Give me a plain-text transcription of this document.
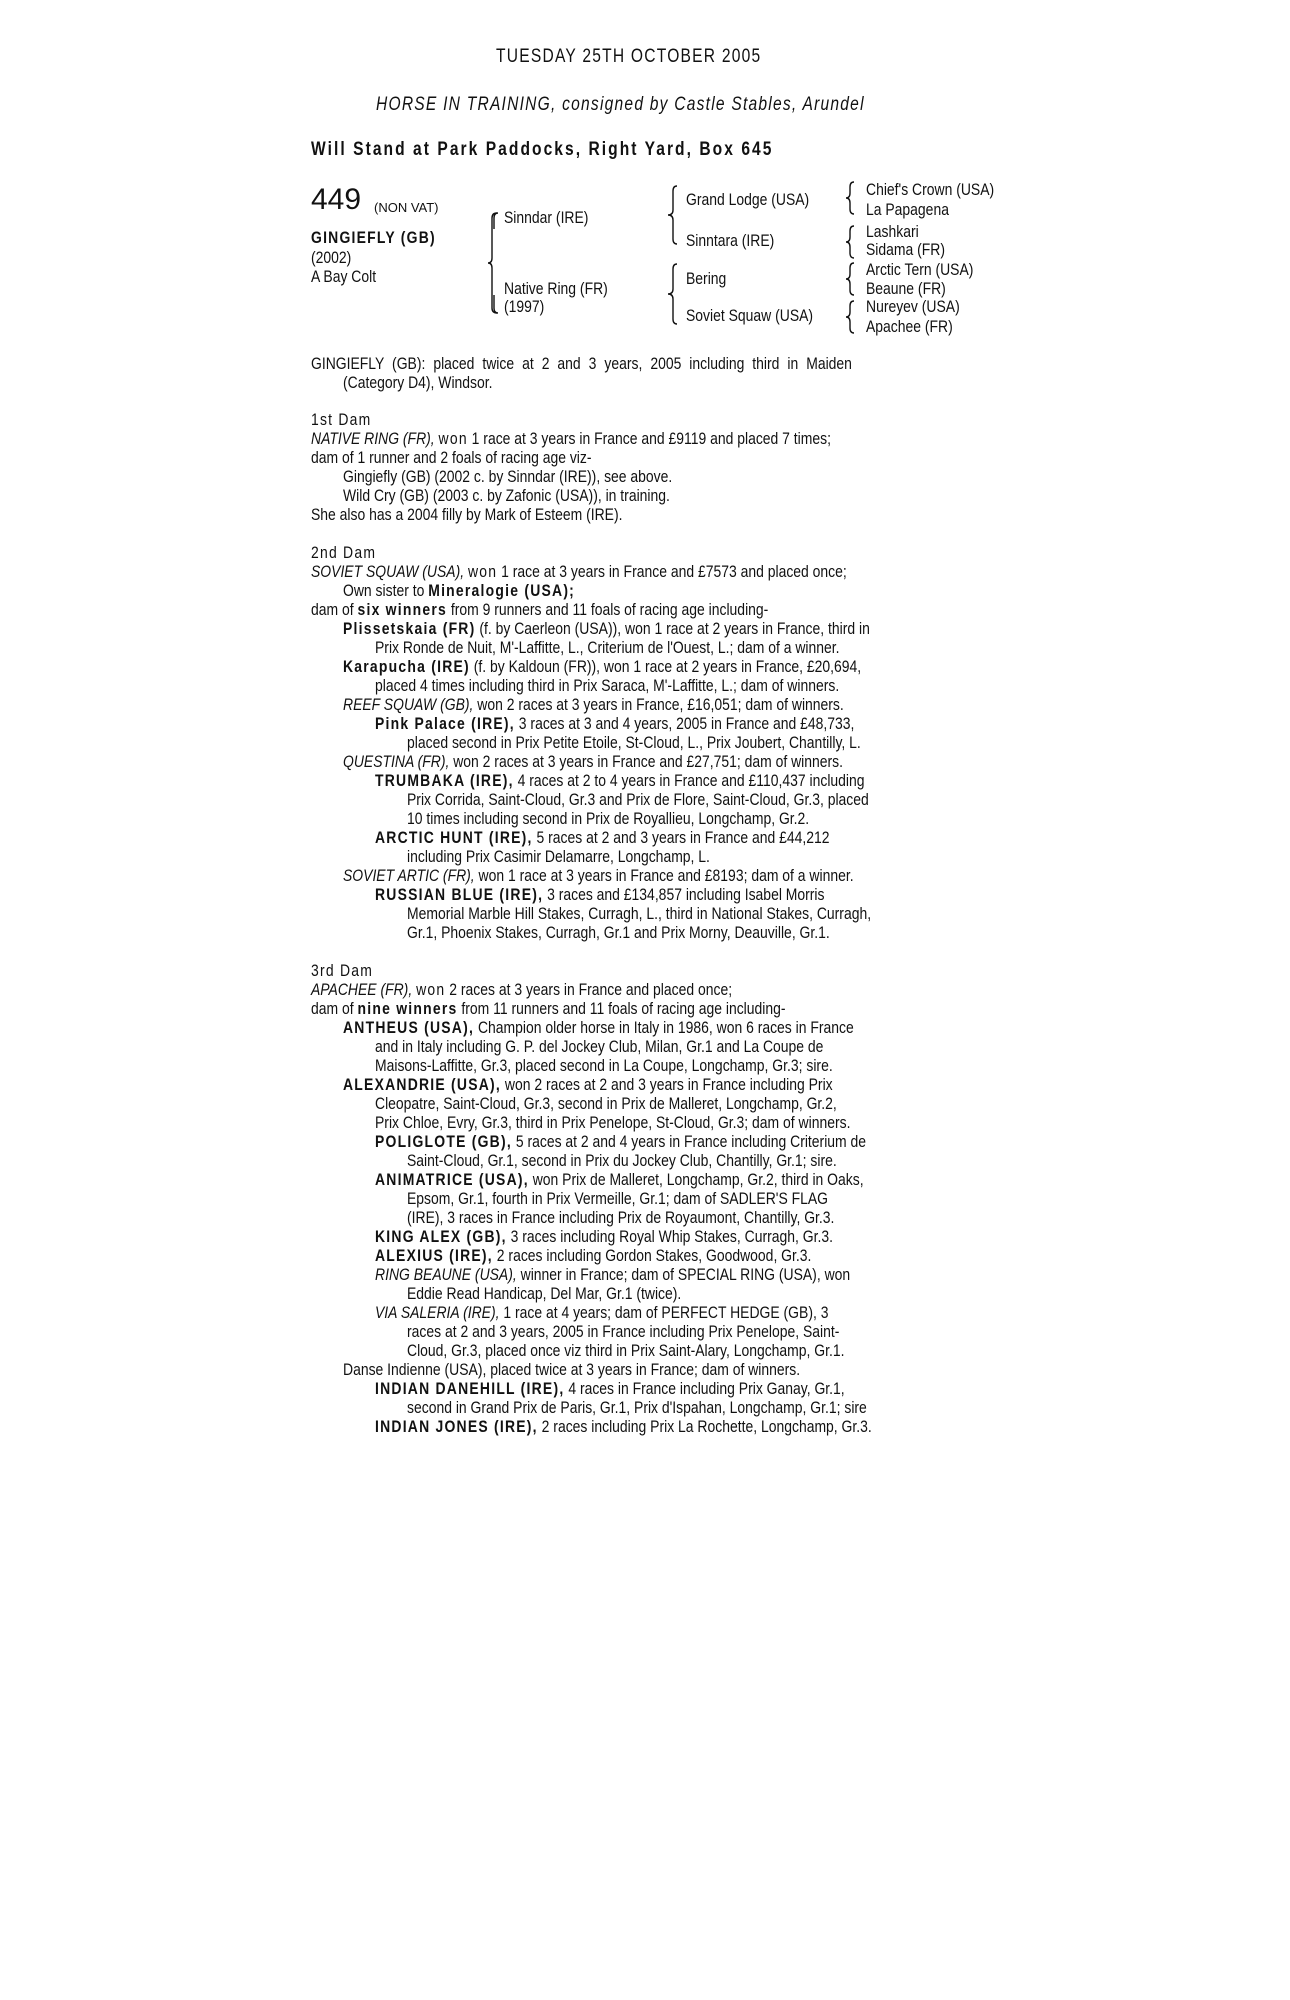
TUESDAY 25TH OCTOBER 2005
HORSE IN TRAINING, consigned by Castle Stables, Arundel
Will Stand at Park Paddocks, Right Yard, Box 645
449 (NON VAT)
GINGIEFLY (GB)
(2002)
A Bay Colt
Sinndar (IRE)
Native Ring (FR)
(1997)
Grand Lodge (USA)
Sinntara (IRE)
Bering
Soviet Squaw (USA)
Chief's Crown (USA)
La Papagena
Lashkari
Sidama (FR)
Arctic Tern (USA)
Beaune (FR)
Nureyev (USA)
Apachee (FR)
GINGIEFLY (GB): placed twice at 2 and 3 years, 2005 including third in Maiden
(Category D4), Windsor.
1st Dam
NATIVE RING (FR), won 1 race at 3 years in France and £9119 and placed 7 times;
dam of 1 runner and 2 foals of racing age viz-
Gingiefly (GB) (2002 c. by Sinndar (IRE)), see above.
Wild Cry (GB) (2003 c. by Zafonic (USA)), in training.
She also has a 2004 filly by Mark of Esteem (IRE).
2nd Dam
SOVIET SQUAW (USA), won 1 race at 3 years in France and £7573 and placed once;
Own sister to Mineralogie (USA);
dam of six winners from 9 runners and 11 foals of racing age including-
Plissetskaia (FR) (f. by Caerleon (USA)), won 1 race at 2 years in France, third in
Prix Ronde de Nuit, M'-Laffitte, L., Criterium de l'Ouest, L.; dam of a winner.
Karapucha (IRE) (f. by Kaldoun (FR)), won 1 race at 2 years in France, £20,694,
placed 4 times including third in Prix Saraca, M'-Laffitte, L.; dam of winners.
REEF SQUAW (GB), won 2 races at 3 years in France, £16,051; dam of winners.
Pink Palace (IRE), 3 races at 3 and 4 years, 2005 in France and £48,733,
placed second in Prix Petite Etoile, St-Cloud, L., Prix Joubert, Chantilly, L.
QUESTINA (FR), won 2 races at 3 years in France and £27,751; dam of winners.
TRUMBAKA (IRE), 4 races at 2 to 4 years in France and £110,437 including
Prix Corrida, Saint-Cloud, Gr.3 and Prix de Flore, Saint-Cloud, Gr.3, placed
10 times including second in Prix de Royallieu, Longchamp, Gr.2.
ARCTIC HUNT (IRE), 5 races at 2 and 3 years in France and £44,212
including Prix Casimir Delamarre, Longchamp, L.
SOVIET ARTIC (FR), won 1 race at 3 years in France and £8193; dam of a winner.
RUSSIAN BLUE (IRE), 3 races and £134,857 including Isabel Morris
Memorial Marble Hill Stakes, Curragh, L., third in National Stakes, Curragh,
Gr.1, Phoenix Stakes, Curragh, Gr.1 and Prix Morny, Deauville, Gr.1.
3rd Dam
APACHEE (FR), won 2 races at 3 years in France and placed once;
dam of nine winners from 11 runners and 11 foals of racing age including-
ANTHEUS (USA), Champion older horse in Italy in 1986, won 6 races in France
and in Italy including G. P. del Jockey Club, Milan, Gr.1 and La Coupe de
Maisons-Laffitte, Gr.3, placed second in La Coupe, Longchamp, Gr.3; sire.
ALEXANDRIE (USA), won 2 races at 2 and 3 years in France including Prix
Cleopatre, Saint-Cloud, Gr.3, second in Prix de Malleret, Longchamp, Gr.2,
Prix Chloe, Evry, Gr.3, third in Prix Penelope, St-Cloud, Gr.3; dam of winners.
POLIGLOTE (GB), 5 races at 2 and 4 years in France including Criterium de
Saint-Cloud, Gr.1, second in Prix du Jockey Club, Chantilly, Gr.1; sire.
ANIMATRICE (USA), won Prix de Malleret, Longchamp, Gr.2, third in Oaks,
Epsom, Gr.1, fourth in Prix Vermeille, Gr.1; dam of SADLER'S FLAG
(IRE), 3 races in France including Prix de Royaumont, Chantilly, Gr.3.
KING ALEX (GB), 3 races including Royal Whip Stakes, Curragh, Gr.3.
ALEXIUS (IRE), 2 races including Gordon Stakes, Goodwood, Gr.3.
RING BEAUNE (USA), winner in France; dam of SPECIAL RING (USA), won
Eddie Read Handicap, Del Mar, Gr.1 (twice).
VIA SALERIA (IRE), 1 race at 4 years; dam of PERFECT HEDGE (GB), 3
races at 2 and 3 years, 2005 in France including Prix Penelope, Saint-
Cloud, Gr.3, placed once viz third in Prix Saint-Alary, Longchamp, Gr.1.
Danse Indienne (USA), placed twice at 3 years in France; dam of winners.
INDIAN DANEHILL (IRE), 4 races in France including Prix Ganay, Gr.1,
second in Grand Prix de Paris, Gr.1, Prix d'Ispahan, Longchamp, Gr.1; sire
INDIAN JONES (IRE), 2 races including Prix La Rochette, Longchamp, Gr.3.
